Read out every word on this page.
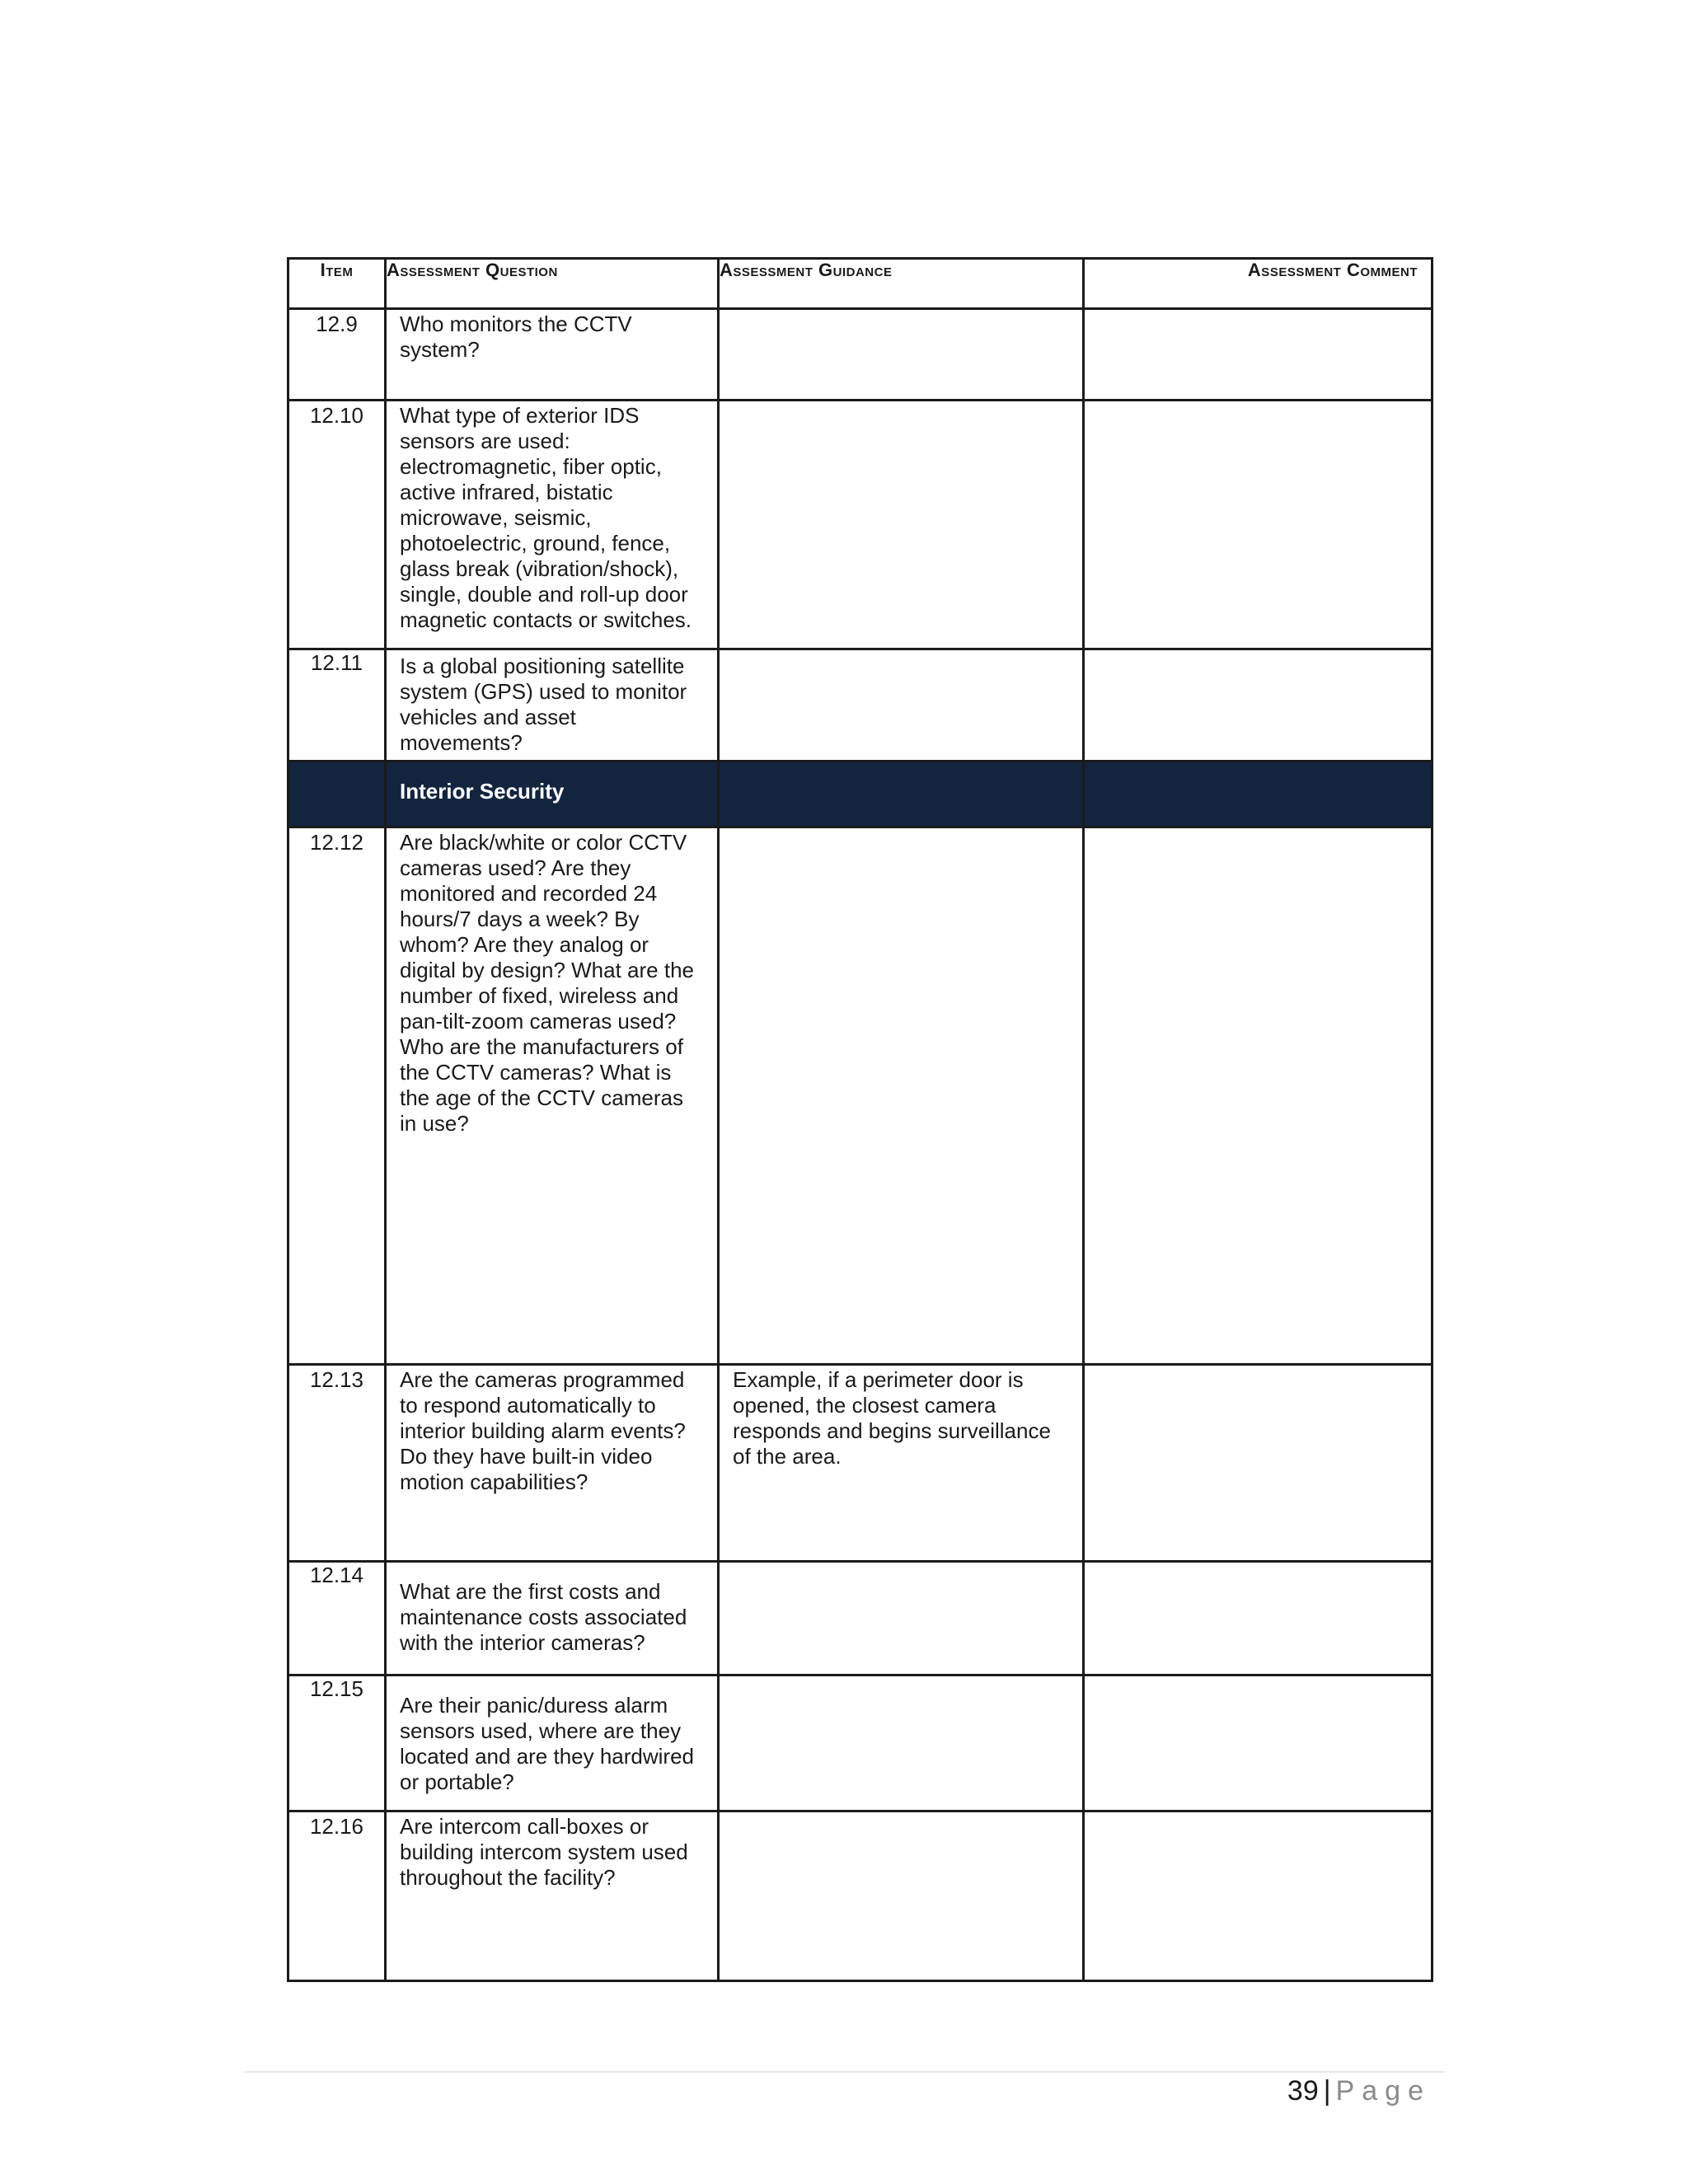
Item	Assessment Question	Assessment Guidance	Assessment Comment

12.9	Who monitors the CCTV system?		

12.10	What type of exterior IDS sensors are used: electromagnetic, fiber optic, active infrared, bistatic microwave, seismic, photoelectric, ground, fence, glass break (vibration/shock), single, double and roll-up door magnetic contacts or switches.		

12.11	Is a global positioning satellite system (GPS) used to monitor vehicles and asset movements?		

	Interior Security		

12.12	Are black/white or color CCTV cameras used? Are they monitored and recorded 24 hours/7 days a week? By whom? Are they analog or digital by design? What are the number of fixed, wireless and pan-tilt-zoom cameras used? Who are the manufacturers of the CCTV cameras? What is the age of the CCTV cameras in use?		

12.13	Are the cameras programmed to respond automatically to interior building alarm events? Do they have built-in video motion capabilities?	Example, if a perimeter door is opened, the closest camera responds and begins surveillance of the area.	

12.14	What are the first costs and maintenance costs associated with the interior cameras?		

12.15	Are their panic/duress alarm sensors used, where are they located and are they hardwired or portable?		

12.16	Are intercom call-boxes or building intercom system used throughout the facility?		

39 | Page
